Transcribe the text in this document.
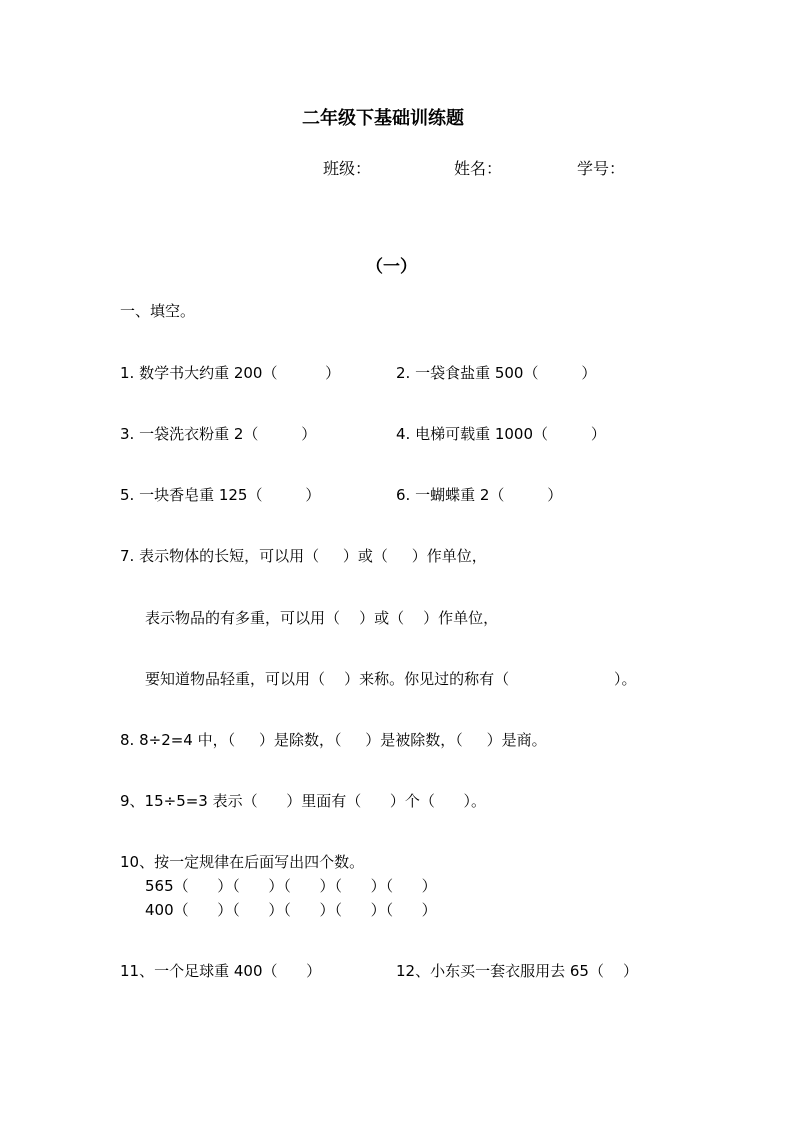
二年级下基础训练题
班级：	姓名：	学号：
（一）
一、填空。
1. 数学书大约重 200（          ）	2. 一袋食盐重 500（         ）
3. 一袋洗衣粉重 2（         ）	4. 电梯可载重 1000（         ）
5. 一块香皂重 125（         ）	6. 一蝴蝶重 2（         ）
7. 表示物体的长短，可以用（     ）或（     ）作单位，
表示物品的有多重，可以用（    ）或（    ）作单位，
要知道物品轻重，可以用（    ）来称。你见过的称有（                      ）。
8. 8÷2=4 中，（     ）是除数，（     ）是被除数，（     ）是商。
9、15÷5=3 表示（      ）里面有（      ）个（      ）。
10、按一定规律在后面写出四个数。
565（      ）（      ）（      ）（      ）（      ）
400（      ）（      ）（      ）（      ）（      ）
11、一个足球重 400（      ）	12、小东买一套衣服用去 65（    ）
